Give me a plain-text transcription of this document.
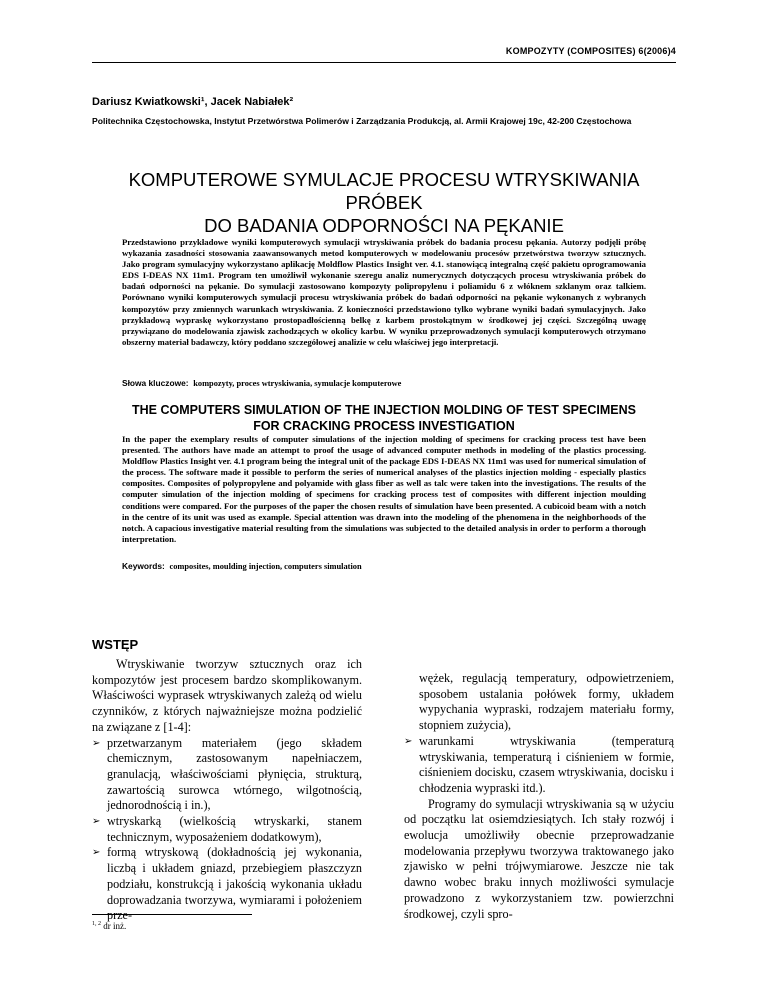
KOMPOZYTY (COMPOSITES) 6(2006)4
Dariusz Kwiatkowski¹, Jacek Nabiałek²
Politechnika Częstochowska, Instytut Przetwórstwa Polimerów i Zarządzania Produkcją, al. Armii Krajowej 19c, 42-200 Częstochowa
KOMPUTEROWE SYMULACJE PROCESU WTRYSKIWANIA PRÓBEK
DO BADANIA ODPORNOŚCI NA PĘKANIE
Przedstawiono przykładowe wyniki komputerowych symulacji wtryskiwania próbek do badania procesu pękania. Autorzy podjęli próbę wykazania zasadności stosowania zaawansowanych metod komputerowych w modelowaniu procesów przetwórstwa tworzyw sztucznych. Jako program symulacyjny wykorzystano aplikację Moldflow Plastics Insight ver. 4.1. stanowiącą integralną część pakietu oprogramowania EDS I-DEAS NX 11m1. Program ten umożliwił wykonanie szeregu analiz numerycznych dotyczących procesu wtryskiwania próbek do badań odporności na pękanie. Do symulacji zastosowano kompozyty polipropylenu i poliamidu 6 z włóknem szklanym oraz talkiem. Porównano wyniki komputerowych symulacji procesu wtryskiwania próbek do badań odporności na pękanie wykonanych z wybranych kompozytów przy zmiennych warunkach wtryskiwania. Z konieczności przedstawiono tylko wybrane wyniki badań symulacyjnych. Jako przykładową wypraskę wykorzystano prostopadłościenną belkę z karbem prostokątnym w środkowej jej części. Szczególną uwagę przywiązano do modelowania zjawisk zachodzących w okolicy karbu. W wyniku przeprowadzonych symulacji komputerowych otrzymano obszerny materiał badawczy, który poddano szczegółowej analizie w celu właściwej jego interpretacji.
Słowa kluczowe: kompozyty, proces wtryskiwania, symulacje komputerowe
THE COMPUTERS SIMULATION OF THE INJECTION MOLDING OF TEST SPECIMENS
FOR CRACKING PROCESS INVESTIGATION
In the paper the exemplary results of computer simulations of the injection molding of specimens for cracking process test have been presented. The authors have made an attempt to proof the usage of advanced computer methods in modeling of the plastics processing. Moldflow Plastics Insight ver. 4.1 program being the integral unit of the package EDS I-DEAS NX 11m1 was used for numerical simulation of the process. The software made it possible to perform the series of numerical analyses of the plastics injection molding - especially plastics composites. Composites of polypropylene and polyamide with glass fiber as well as talc were taken into the investigations. The results of the computer simulation of the injection molding of specimens for cracking process test of composites with different injection moulding conditions were compared. For the purposes of the paper the chosen results of simulation have been presented. A cubicoid beam with a notch in the centre of its unit was used as example. Special attention was drawn into the modeling of the phenomena in the neighborhoods of the notch. A capacious investigative material resulting from the simulations was subjected to the detailed analysis in order to perform a thorough interpretation.
Keywords: composites, moulding injection, computers simulation
WSTĘP

Wtryskiwanie tworzyw sztucznych oraz ich kompozytów jest procesem bardzo skomplikowanym. Właściwości wyprasek wtryskiwanych zależą od wielu czynników, z których najważniejsze można podzielić na związane z [1-4]:

➢ przetwarzanym materiałem (jego składem chemicznym, zastosowanym napełniaczem, granulacją, właściwościami płynięcia, strukturą, zawartością surowca wtórnego, wilgotnością, jednorodnością i in.),
➢ wtryskarką (wielkością wtryskarki, stanem technicznym, wyposażeniem dodatkowym),
➢ formą wtryskową (dokładnością jej wykonania, liczbą i układem gniazd, przebiegiem płaszczyzn podziału, konstrukcją i jakością wykonania układu doprowadzania tworzywa, wymiarami i położeniem prze-
wężek, regulacją temperatury, odpowietrzeniem, sposobem ustalania połówek formy, układem wypychania wypraski, rodzajem materiału formy, stopniem zużycia),
➢ warunkami wtryskiwania (temperaturą wtryskiwania, temperaturą i ciśnieniem w formie, ciśnieniem docisku, czasem wtryskiwania, docisku i chłodzenia wypraski itd.).

Programy do symulacji wtryskiwania są w użyciu od początku lat osiemdziesiątych. Ich stały rozwój i ewolucja umożliwiły obecnie przeprowadzanie modelowania przepływu tworzywa traktowanego jako zjawisko w pełni trójwymiarowe. Jeszcze nie tak dawno wobec braku innych możliwości symulacje prowadzono z wykorzystaniem tzw. powierzchni środkowej, czyli spro-

$^{1, 2}$ dr inż.
